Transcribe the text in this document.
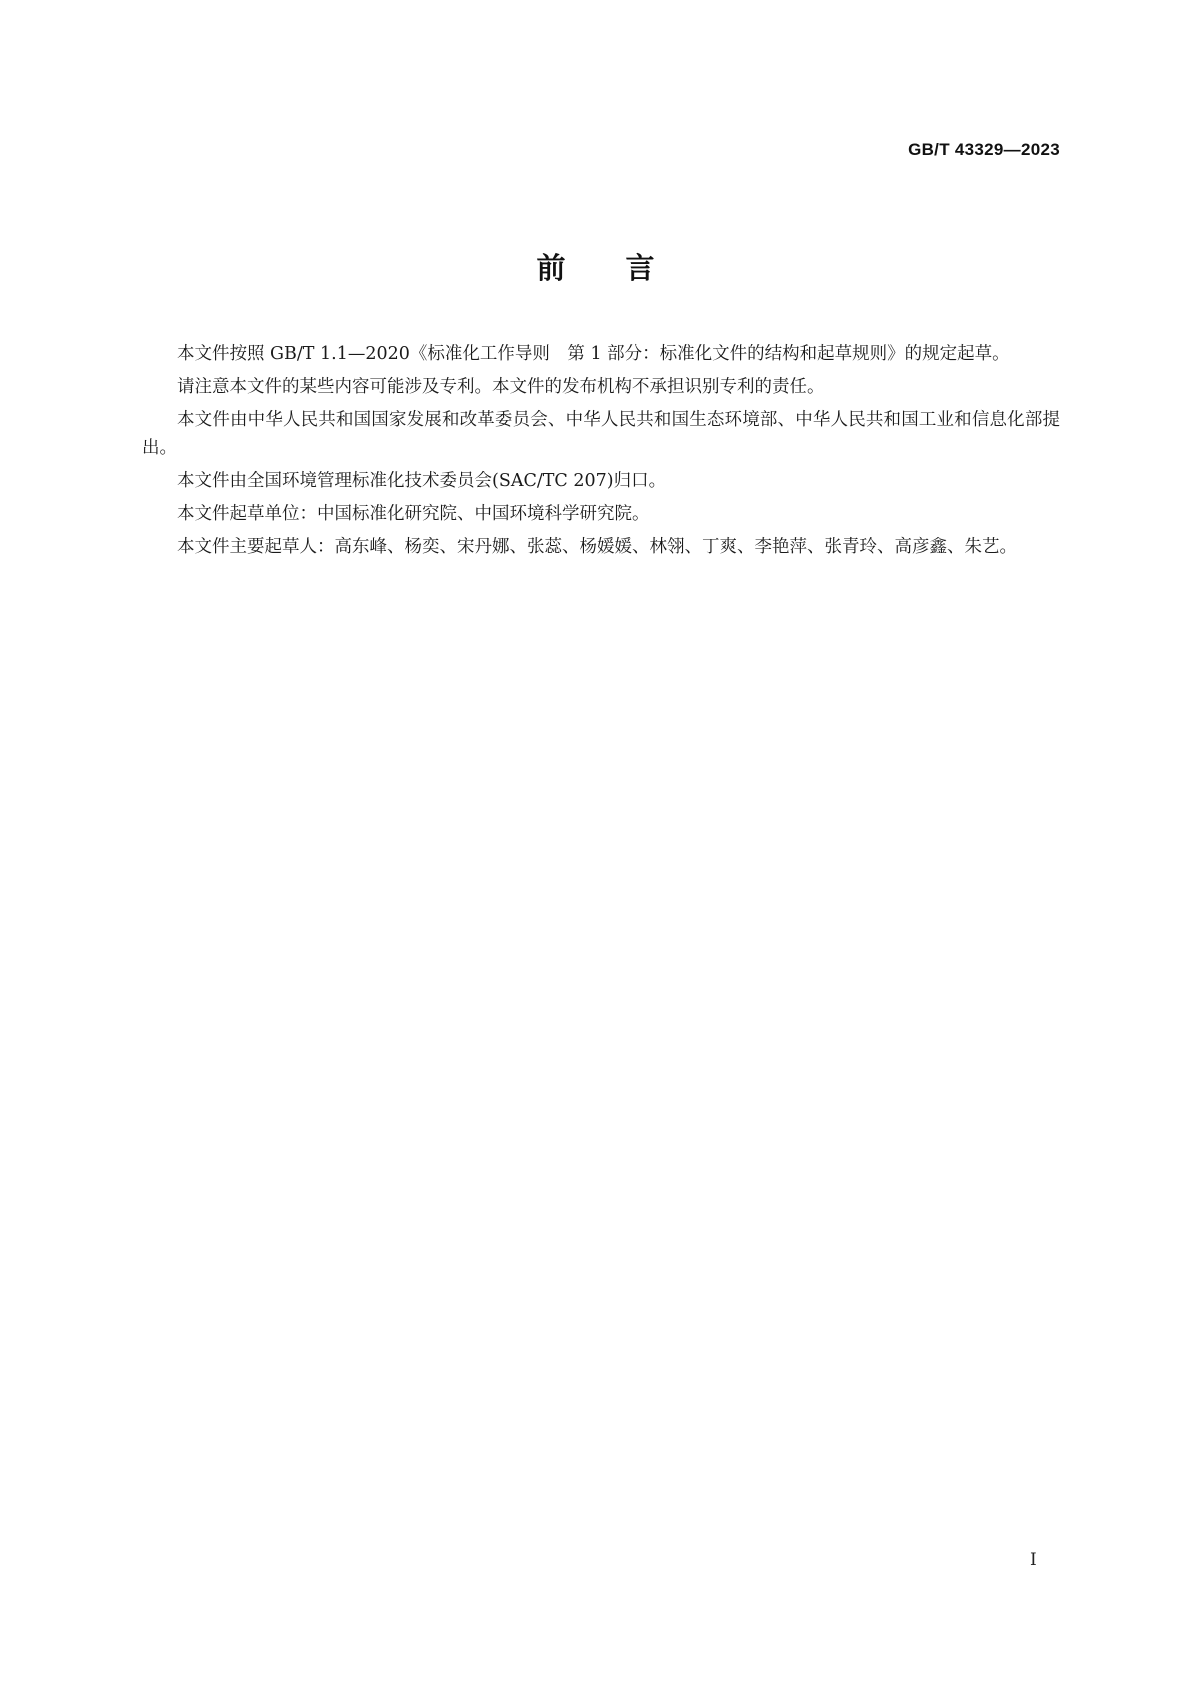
GB/T 43329—2023
前言

本文件按照 GB/T 1.1—2020《标准化工作导则　第 1 部分：标准化文件的结构和起草规则》的规定起草。

请注意本文件的某些内容可能涉及专利。本文件的发布机构不承担识别专利的责任。

本文件由中华人民共和国国家发展和改革委员会、中华人民共和国生态环境部、中华人民共和国工业和信息化部提出。

本文件由全国环境管理标准化技术委员会(SAC/TC 207)归口。

本文件起草单位：中国标准化研究院、中国环境科学研究院。

本文件主要起草人：高东峰、杨奕、宋丹娜、张蕊、杨媛媛、林翎、丁爽、李艳萍、张青玲、高彦鑫、朱艺。

I
